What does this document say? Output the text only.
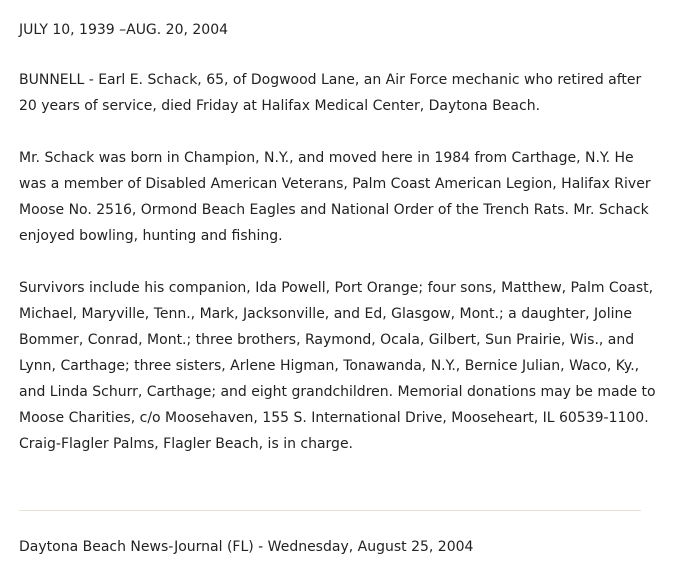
JULY 10, 1939 –AUG. 20, 2004

BUNNELL - Earl E. Schack, 65, of Dogwood Lane, an Air Force mechanic who retired after 20 years of service, died Friday at Halifax Medical Center, Daytona Beach.

Mr. Schack was born in Champion, N.Y., and moved here in 1984 from Carthage, N.Y. He was a member of Disabled American Veterans, Palm Coast American Legion, Halifax River Moose No. 2516, Ormond Beach Eagles and National Order of the Trench Rats. Mr. Schack enjoyed bowling, hunting and fishing.

Survivors include his companion, Ida Powell, Port Orange; four sons, Matthew, Palm Coast, Michael, Maryville, Tenn., Mark, Jacksonville, and Ed, Glasgow, Mont.; a daughter, Joline Bommer, Conrad, Mont.; three brothers, Raymond, Ocala, Gilbert, Sun Prairie, Wis., and Lynn, Carthage; three sisters, Arlene Higman, Tonawanda, N.Y., Bernice Julian, Waco, Ky., and Linda Schurr, Carthage; and eight grandchildren. Memorial donations may be made to Moose Charities, c/o Moosehaven, 155 S. International Drive, Mooseheart, IL 60539-1100. Craig-Flagler Palms, Flagler Beach, is in charge.

Daytona Beach News-Journal (FL) - Wednesday, August 25, 2004
